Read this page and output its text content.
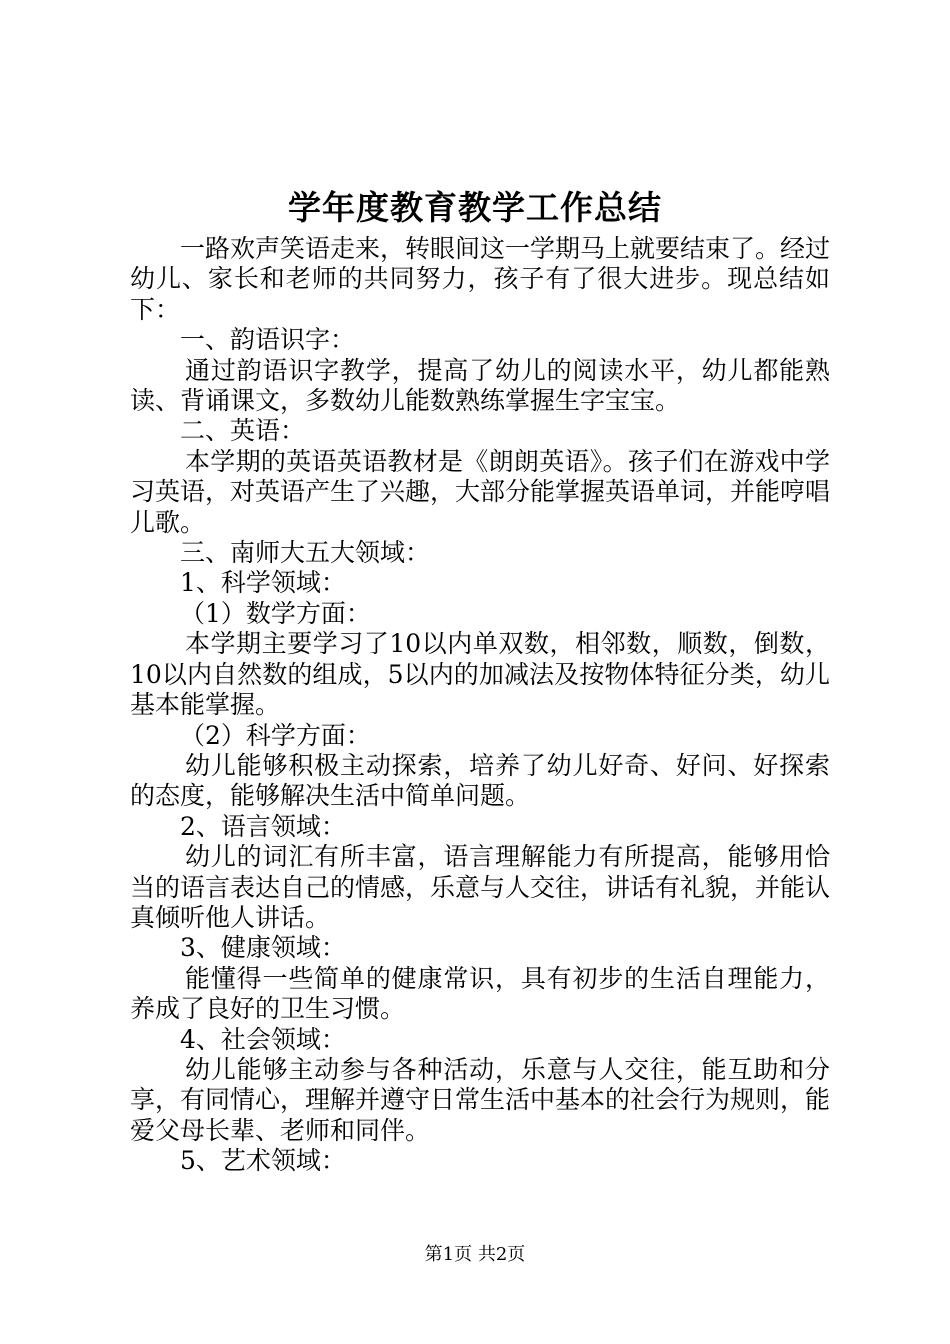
学年度教育教学工作总结

一路欢声笑语走来，转眼间这一学期马上就要结束了。经过幼儿、家长和老师的共同努力，孩子有了很大进步。现总结如下：

一、韵语识字：

通过韵语识字教学，提高了幼儿的阅读水平，幼儿都能熟读、背诵课文，多数幼儿能数熟练掌握生字宝宝。

二、英语：

本学期的英语英语教材是《朗朗英语》。孩子们在游戏中学习英语，对英语产生了兴趣，大部分能掌握英语单词，并能哼唱儿歌。

三、南师大五大领域：

1、科学领域：

（1）数学方面：

本学期主要学习了10以内单双数，相邻数，顺数，倒数，10以内自然数的组成，5以内的加减法及按物体特征分类，幼儿基本能掌握。

（2）科学方面：

幼儿能够积极主动探索，培养了幼儿好奇、好问、好探索的态度，能够解决生活中简单问题。

2、语言领域：

幼儿的词汇有所丰富，语言理解能力有所提高，能够用恰当的语言表达自己的情感，乐意与人交往，讲话有礼貌，并能认真倾听他人讲话。

3、健康领域：

能懂得一些简单的健康常识，具有初步的生活自理能力，养成了良好的卫生习惯。

4、社会领域：

幼儿能够主动参与各种活动，乐意与人交往，能互助和分享，有同情心，理解并遵守日常生活中基本的社会行为规则，能爱父母长辈、老师和同伴。

5、艺术领域：

第1页 共2页
